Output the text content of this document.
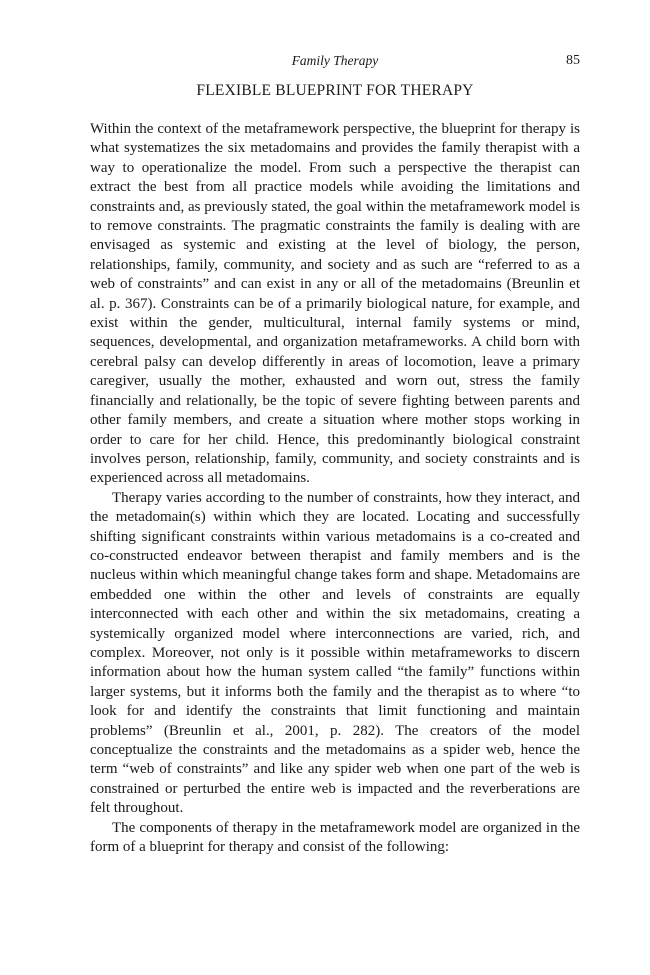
Family Therapy	85
FLEXIBLE BLUEPRINT FOR THERAPY

Within the context of the metaframework perspective, the blueprint for therapy is what systematizes the six metadomains and provides the family therapist with a way to operationalize the model. From such a perspective the therapist can extract the best from all practice models while avoiding the limitations and constraints and, as previously stated, the goal within the metaframework model is to remove constraints. The pragmatic constraints the family is dealing with are envisaged as systemic and existing at the level of biology, the person, relationships, family, community, and society and as such are “referred to as a web of constraints” and can exist in any or all of the metadomains (Breunlin et al. p. 367). Constraints can be of a primarily biological nature, for example, and exist within the gender, multicultural, internal family systems or mind, sequences, developmental, and organization metaframeworks. A child born with cerebral palsy can develop differently in areas of locomotion, leave a primary caregiver, usually the mother, exhausted and worn out, stress the family financially and relationally, be the topic of severe fighting between parents and other family members, and create a situation where mother stops working in order to care for her child. Hence, this predominantly biological constraint involves person, relationship, family, community, and society constraints and is experienced across all metadomains.

Therapy varies according to the number of constraints, how they interact, and the metadomain(s) within which they are located. Locating and successfully shifting significant constraints within various metadomains is a co-created and co-constructed endeavor between therapist and family members and is the nucleus within which meaningful change takes form and shape. Metadomains are embedded one within the other and levels of constraints are equally interconnected with each other and within the six metadomains, creating a systemically organized model where interconnections are varied, rich, and complex. Moreover, not only is it possible within metaframeworks to discern information about how the human system called “the family” functions within larger systems, but it informs both the family and the therapist as to where “to look for and identify the constraints that limit functioning and maintain problems” (Breunlin et al., 2001, p. 282). The creators of the model conceptualize the constraints and the metadomains as a spider web, hence the term “web of constraints” and like any spider web when one part of the web is constrained or perturbed the entire web is impacted and the reverberations are felt throughout.

The components of therapy in the metaframework model are organized in the form of a blueprint for therapy and consist of the following:
